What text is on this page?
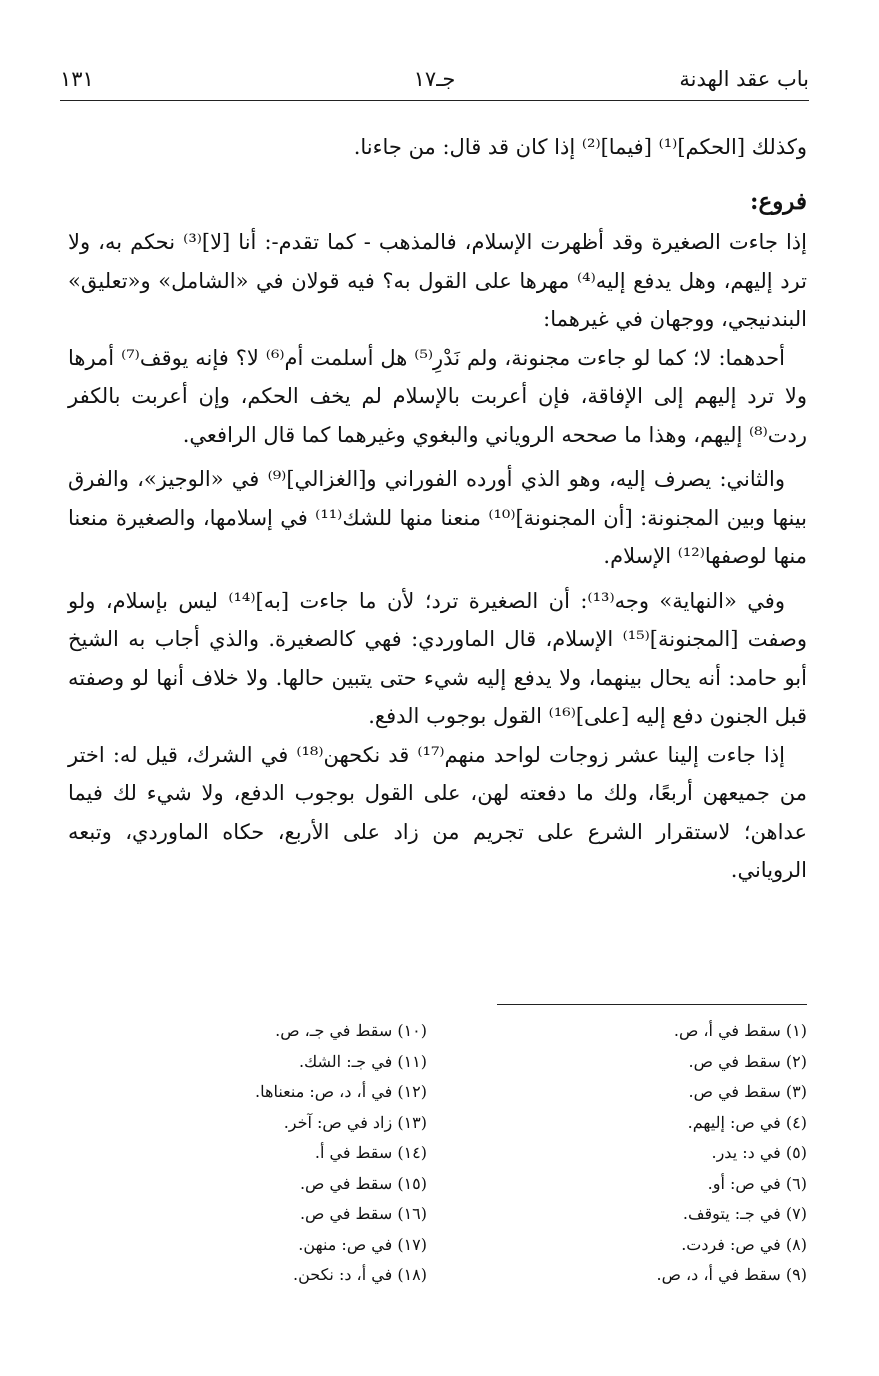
باب عقد الهدنة
جـ١٧
١٣١

وكذلك [الحكم]⁽¹⁾ [فيما]⁽²⁾ إذا كان قد قال: من جاءنا.

فروع:

إذا جاءت الصغيرة وقد أظهرت الإسلام، فالمذهب - كما تقدم-: أنا [لا]⁽³⁾ نحكم به، ولا ترد إليهم، وهل يدفع إليه⁽⁴⁾ مهرها على القول به؟ فيه قولان في «الشامل» و«تعليق» البندنيجي، ووجهان في غيرهما:

أحدهما: لا؛ كما لو جاءت مجنونة، ولم نَدْرِ⁽⁵⁾ هل أسلمت أم⁽⁶⁾ لا؟ فإنه يوقف⁽⁷⁾ أمرها ولا ترد إليهم إلى الإفاقة، فإن أعربت بالإسلام لم يخف الحكم، وإن أعربت بالكفر ردت⁽⁸⁾ إليهم، وهذا ما صححه الروياني والبغوي وغيرهما كما قال الرافعي.

والثاني: يصرف إليه، وهو الذي أورده الفوراني و[الغزالي]⁽⁹⁾ في «الوجيز»، والفرق بينها وبين المجنونة: [أن المجنونة]⁽¹⁰⁾ منعنا منها للشك⁽¹¹⁾ في إسلامها، والصغيرة منعنا منها لوصفها⁽¹²⁾ الإسلام.

وفي «النهاية» وجه⁽¹³⁾: أن الصغيرة ترد؛ لأن ما جاءت [به]⁽¹⁴⁾ ليس بإسلام، ولو وصفت [المجنونة]⁽¹⁵⁾ الإسلام، قال الماوردي: فهي كالصغيرة. والذي أجاب به الشيخ أبو حامد: أنه يحال بينهما، ولا يدفع إليه شيء حتى يتبين حالها. ولا خلاف أنها لو وصفته قبل الجنون دفع إليه [على]⁽¹⁶⁾ القول بوجوب الدفع.

إذا جاءت إلينا عشر زوجات لواحد منهم⁽¹⁷⁾ قد نكحهن⁽¹⁸⁾ في الشرك، قيل له: اختر من جميعهن أربعًا، ولك ما دفعته لهن، على القول بوجوب الدفع، ولا شيء لك فيما عداهن؛ لاستقرار الشرع على تجريم من زاد على الأربع، حكاه الماوردي، وتبعه الروياني.

(١) سقط في أ، ص.
(٢) سقط في ص.
(٣) سقط في ص.
(٤) في ص: إليهم.
(٥) في د: يدر.
(٦) في ص: أو.
(٧) في جـ: يتوقف.
(٨) في ص: فردت.
(٩) سقط في أ، د، ص.
(١٠) سقط في جـ، ص.
(١١) في جـ: الشك.
(١٢) في أ، د، ص: منعناها.
(١٣) زاد في ص: آخر.
(١٤) سقط في أ.
(١٥) سقط في ص.
(١٦) سقط في ص.
(١٧) في ص: منهن.
(١٨) في أ، د: نكحن.
